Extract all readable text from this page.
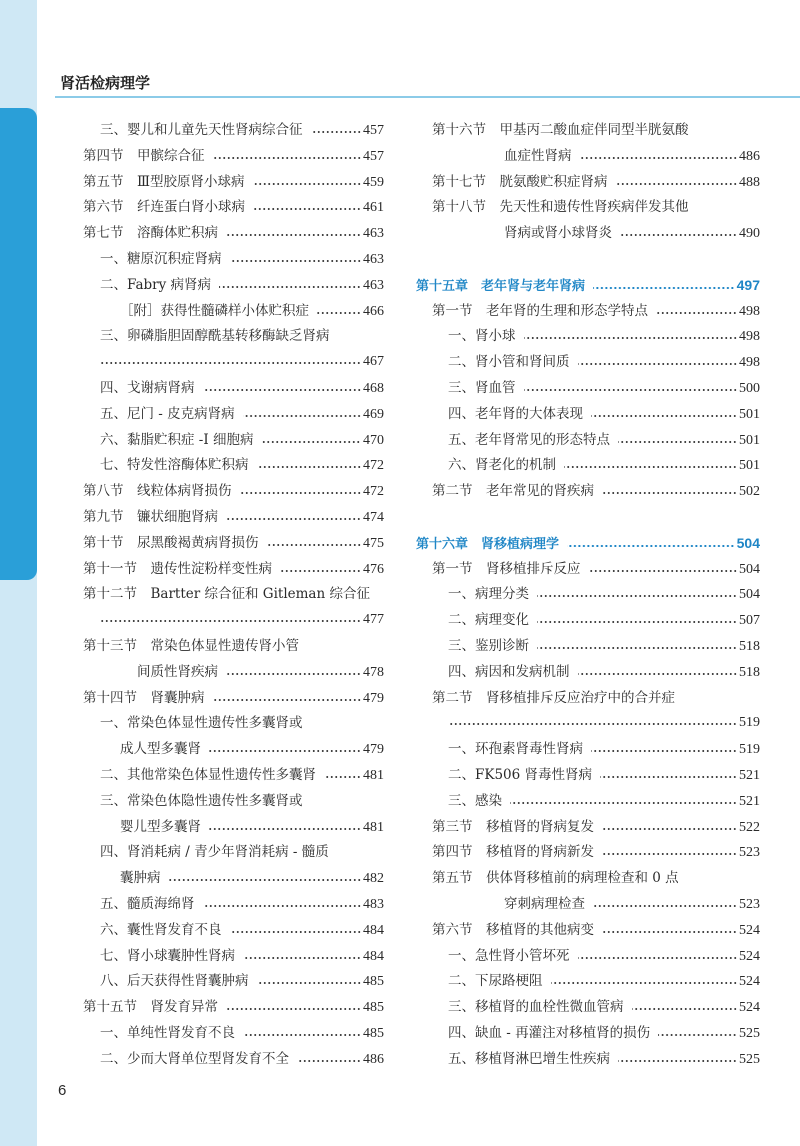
肾活检病理学
三、婴儿和儿童先天性肾病综合征	457
第四节　甲髌综合征	457
第五节　Ⅲ型胶原肾小球病	459
第六节　纤连蛋白肾小球病	461
第七节　溶酶体贮积病	463
一、糖原沉积症肾病	463
二、Fabry 病肾病	463
［附］获得性髓磷样小体贮积症	466
三、卵磷脂胆固醇酰基转移酶缺乏肾病
467
四、戈谢病肾病	468
五、尼门 - 皮克病肾病	469
六、黏脂贮积症 -I 细胞病	470
七、特发性溶酶体贮积病	472
第八节　线粒体病肾损伤	472
第九节　镰状细胞肾病	474
第十节　尿黑酸褐黄病肾损伤	475
第十一节　遗传性淀粉样变性病	476
第十二节　Bartter 综合征和 Gitleman 综合征
477
第十三节　常染色体显性遗传肾小管
间质性肾疾病	478
第十四节　肾囊肿病	479
一、常染色体显性遗传性多囊肾或
成人型多囊肾	479
二、其他常染色体显性遗传性多囊肾	481
三、常染色体隐性遗传性多囊肾或
婴儿型多囊肾	481
四、肾消耗病 / 青少年肾消耗病 - 髓质
囊肿病	482
五、髓质海绵肾	483
六、囊性肾发育不良	484
七、肾小球囊肿性肾病	484
八、后天获得性肾囊肿病	485
第十五节　肾发育异常	485
一、单纯性肾发育不良	485
二、少而大肾单位型肾发育不全	486
第十六节　甲基丙二酸血症伴同型半胱氨酸
血症性肾病	486
第十七节　胱氨酸贮积症肾病	488
第十八节　先天性和遗传性肾疾病伴发其他
肾病或肾小球肾炎	490
第十五章　老年肾与老年肾病	497
第一节　老年肾的生理和形态学特点	498
一、肾小球	498
二、肾小管和肾间质	498
三、肾血管	500
四、老年肾的大体表现	501
五、老年肾常见的形态特点	501
六、肾老化的机制	501
第二节　老年常见的肾疾病	502
第十六章　肾移植病理学	504
第一节　肾移植排斥反应	504
一、病理分类	504
二、病理变化	507
三、鉴别诊断	518
四、病因和发病机制	518
第二节　肾移植排斥反应治疗中的合并症
519
一、环孢素肾毒性肾病	519
二、FK506 肾毒性肾病	521
三、感染	521
第三节　移植肾的肾病复发	522
第四节　移植肾的肾病新发	523
第五节　供体肾移植前的病理检查和 0 点
穿刺病理检查	523
第六节　移植肾的其他病变	524
一、急性肾小管坏死	524
二、下尿路梗阻	524
三、移植肾的血栓性微血管病	524
四、缺血 - 再灌注对移植肾的损伤	525
五、移植肾淋巴增生性疾病	525
6
